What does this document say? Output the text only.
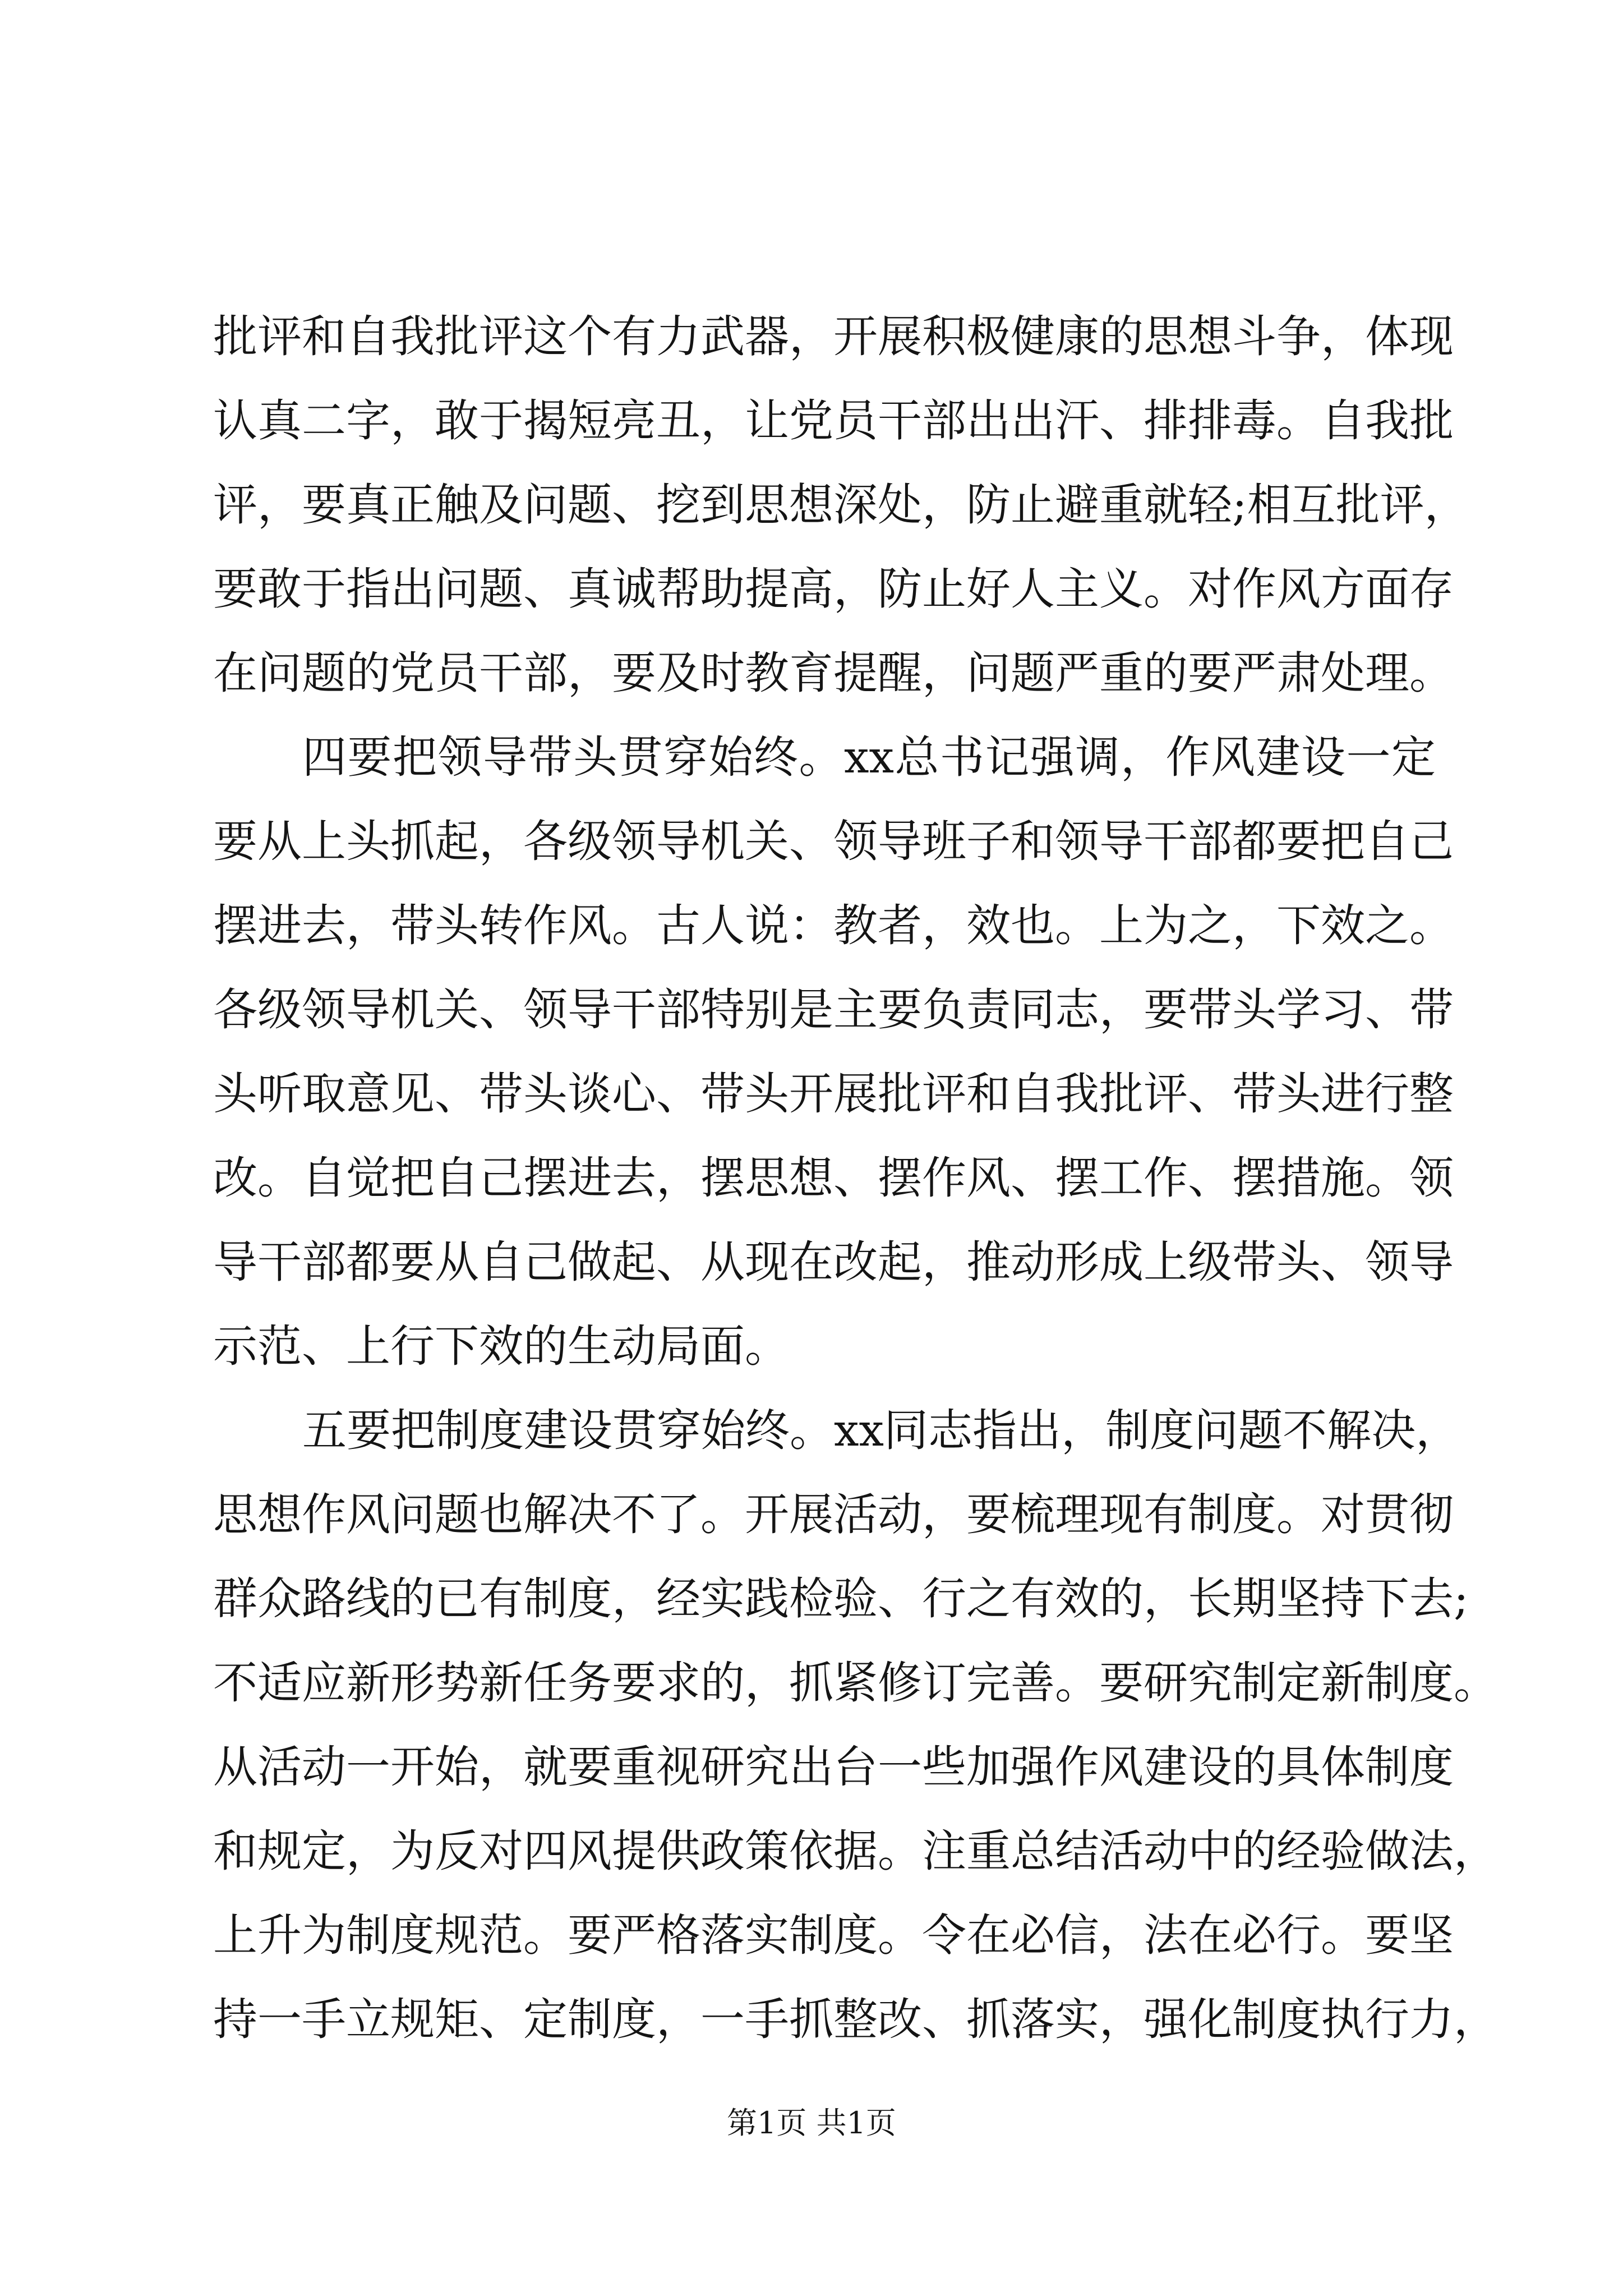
批评和自我批评这个有力武器，开展积极健康的思想斗争，体现
认真二字，敢于揭短亮丑，让党员干部出出汗、排排毒。自我批
评，要真正触及问题、挖到思想深处，防止避重就轻;相互批评，
要敢于指出问题、真诚帮助提高，防止好人主义。对作风方面存
在问题的党员干部，要及时教育提醒，问题严重的要严肃处理。
四要把领导带头贯穿始终。xx总书记强调，作风建设一定
要从上头抓起，各级领导机关、领导班子和领导干部都要把自己
摆进去，带头转作风。古人说：教者，效也。上为之，下效之。
各级领导机关、领导干部特别是主要负责同志，要带头学习、带
头听取意见、带头谈心、带头开展批评和自我批评、带头进行整
改。自觉把自己摆进去，摆思想、摆作风、摆工作、摆措施。领
导干部都要从自己做起、从现在改起，推动形成上级带头、领导
示范、上行下效的生动局面。
五要把制度建设贯穿始终。xx同志指出，制度问题不解决，
思想作风问题也解决不了。开展活动，要梳理现有制度。对贯彻
群众路线的已有制度，经实践检验、行之有效的，长期坚持下去;
不适应新形势新任务要求的，抓紧修订完善。要研究制定新制度。
从活动一开始，就要重视研究出台一些加强作风建设的具体制度
和规定，为反对四风提供政策依据。注重总结活动中的经验做法，
上升为制度规范。要严格落实制度。令在必信，法在必行。要坚
持一手立规矩、定制度，一手抓整改、抓落实，强化制度执行力，
第1页 共1页
